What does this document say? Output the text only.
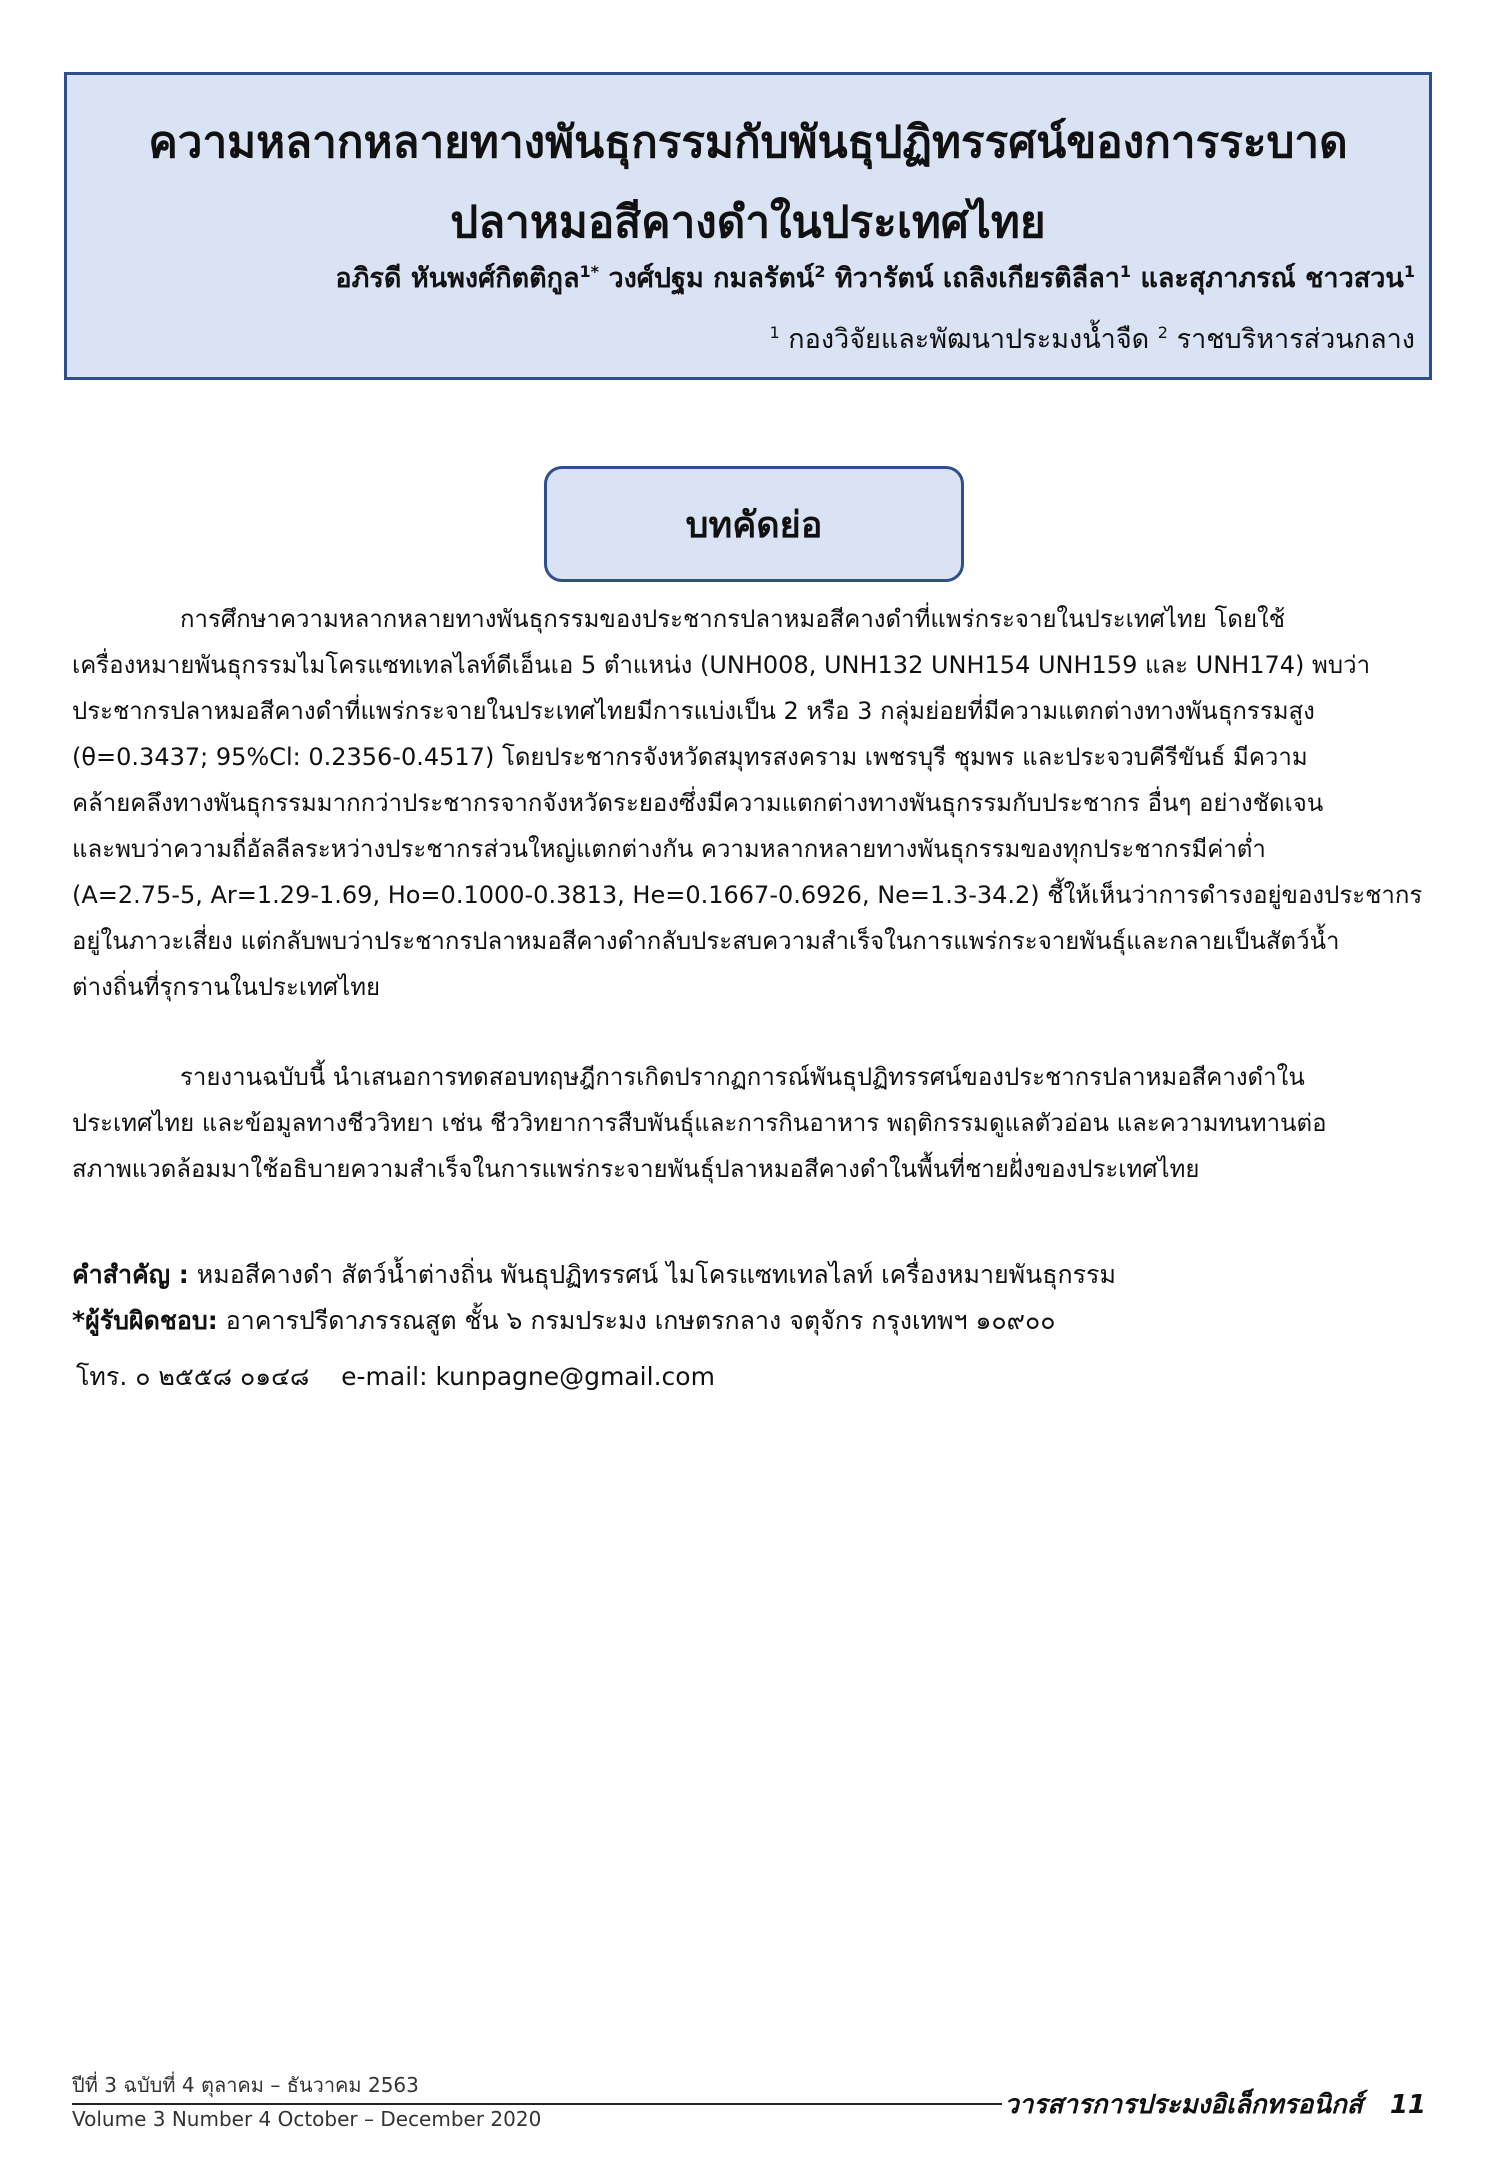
ความหลากหลายทางพันธุกรรมกับพันธุปฏิทรรศน์ของการระบาด
ปลาหมอสีคางดำในประเทศไทย
อภิรดี หันพงศ์กิตติกูล$^{1*}$ วงศ์ปฐม กมลรัตน์$^2$ ทิวารัตน์ เถลิงเกียรติลีลา$^1$ และสุภาภรณ์ ชาวสวน$^1$
$^1$ กองวิจัยและพัฒนาประมงน้ำจืด $^2$ ราชบริหารส่วนกลาง
บทคัดย่อ
การศึกษาความหลากหลายทางพันธุกรรมของประชากรปลาหมอสีคางดำที่แพร่กระจายในประเทศไทย โดยใช้
เครื่องหมายพันธุกรรมไมโครแซทเทลไลท์ดีเอ็นเอ 5 ตำแหน่ง (UNH008, UNH132 UNH154 UNH159 และ UNH174) พบว่า
ประชากรปลาหมอสีคางดำที่แพร่กระจายในประเทศไทยมีการแบ่งเป็น 2 หรือ 3 กลุ่มย่อยที่มีความแตกต่างทางพันธุกรรมสูง
(θ=0.3437; 95%Cl: 0.2356-0.4517) โดยประชากรจังหวัดสมุทรสงคราม เพชรบุรี ชุมพร และประจวบคีรีขันธ์ มีความ
คล้ายคลึงทางพันธุกรรมมากกว่าประชากรจากจังหวัดระยองซึ่งมีความแตกต่างทางพันธุกรรมกับประชากร อื่นๆ อย่างชัดเจน
และพบว่าความถี่อัลลีลระหว่างประชากรส่วนใหญ่แตกต่างกัน ความหลากหลายทางพันธุกรรมของทุกประชากรมีค่าต่ำ
(A=2.75-5, Ar=1.29-1.69, Ho=0.1000-0.3813, He=0.1667-0.6926, Ne=1.3-34.2) ชี้ให้เห็นว่าการดำรงอยู่ของประชากร
อยู่ในภาวะเสี่ยง แต่กลับพบว่าประชากรปลาหมอสีคางดำกลับประสบความสำเร็จในการแพร่กระจายพันธุ์และกลายเป็นสัตว์น้ำ
ต่างถิ่นที่รุกรานในประเทศไทย
รายงานฉบับนี้ นำเสนอการทดสอบทฤษฎีการเกิดปรากฏการณ์พันธุปฏิทรรศน์ของประชากรปลาหมอสีคางดำใน
ประเทศไทย และข้อมูลทางชีววิทยา เช่น ชีววิทยาการสืบพันธุ์และการกินอาหาร พฤติกรรมดูแลตัวอ่อน และความทนทานต่อ
สภาพแวดล้อมมาใช้อธิบายความสำเร็จในการแพร่กระจายพันธุ์ปลาหมอสีคางดำในพื้นที่ชายฝั่งของประเทศไทย
คำสำคัญ : หมอสีคางดำ สัตว์น้ำต่างถิ่น พันธุปฏิทรรศน์ ไมโครแซทเทลไลท์ เครื่องหมายพันธุกรรม
*ผู้รับผิดชอบ: อาคารปรีดาภรรณสูต ชั้น ๖ กรมประมง เกษตรกลาง จตุจักร กรุงเทพฯ ๑๐๙๐๐
โทร. ๐ ๒๕๕๘ ๐๑๔๘ e-mail: kunpagne@gmail.com
ปีที่ 3 ฉบับที่ 4 ตุลาคม – ธันวาคม 2563
Volume 3 Number 4 October – December 2020	วารสารการประมงอิเล็กทรอนิกส์ 11
